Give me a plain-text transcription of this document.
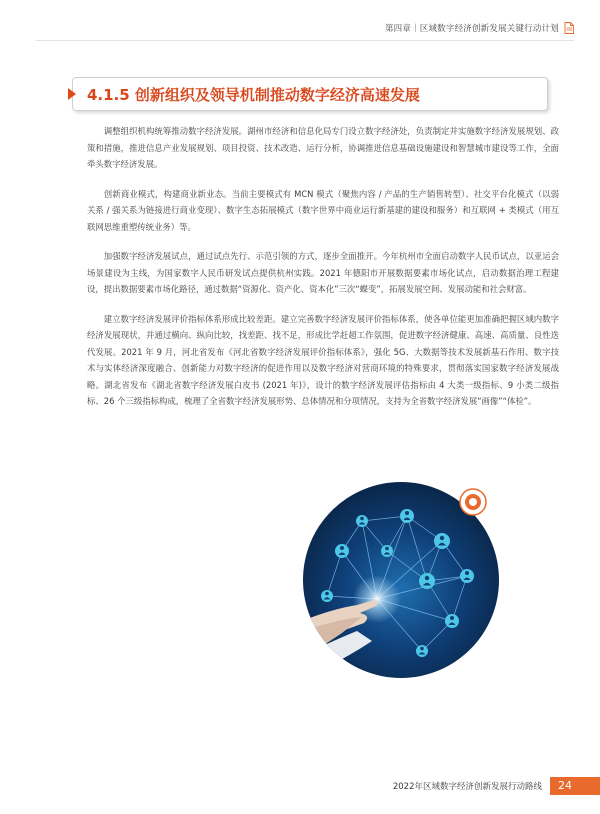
第四章｜区域数字经济创新发展关键行动计划
4.1.5 创新组织及领导机制推动数字经济高速发展

调整组织机构统筹推动数字经济发展。湖州市经济和信息化局专门设立数字经济处，负责制定并实施数字经济发展规划、政策和措施，推进信息产业发展规划、项目投资、技术改造、运行分析，协调推进信息基础设施建设和智慧城市建设等工作，全面牵头数字经济发展。

创新商业模式，构建商业新业态。当前主要模式有 MCN 模式（聚焦内容 / 产品的生产销售转型）、社交平台化模式（以弱关系 / 强关系为链接进行商业变现）、数字生态拓展模式（数字世界中商业运行新基建的建设和服务）和互联网 + 类模式（用互联网思维重塑传统业务）等。

加强数字经济发展试点，通过试点先行、示范引领的方式，逐步全面推开。今年杭州市全面启动数字人民币试点，以亚运会场景建设为主线，为国家数字人民币研发试点提供杭州实践。2021 年德阳市开展数据要素市场化试点，启动数据治理工程建设，提出数据要素市场化路径，通过数据“资源化、资产化、资本化”三次“蝶变”，拓展发展空间、发展动能和社会财富。

建立数字经济发展评价指标体系形成比较差距。建立完善数字经济发展评价指标体系，使各单位能更加准确把握区域内数字经济发展现状，并通过横向、纵向比较，找差距、找不足，形成比学赶超工作氛围，促进数字经济健康、高速、高质量、良性迭代发展。2021 年 9 月，河北省发布《河北省数字经济发展评价指标体系》，强化 5G、大数据等技术发展新基石作用、数字技术与实体经济深度融合、创新能力对数字经济的促进作用以及数字经济对营商环境的特殊要求，贯彻落实国家数字经济发展战略。湖北省发布《湖北省数字经济发展白皮书 (2021 年)》，设计的数字经济发展评估指标由 4 大类一级指标、9 小类二级指标、26 个三级指标构成，梳理了全省数字经济发展形势、总体情况和分项情况，支持为全省数字经济发展“画像”“体检”。

2022年区域数字经济创新发展行动路线	24
